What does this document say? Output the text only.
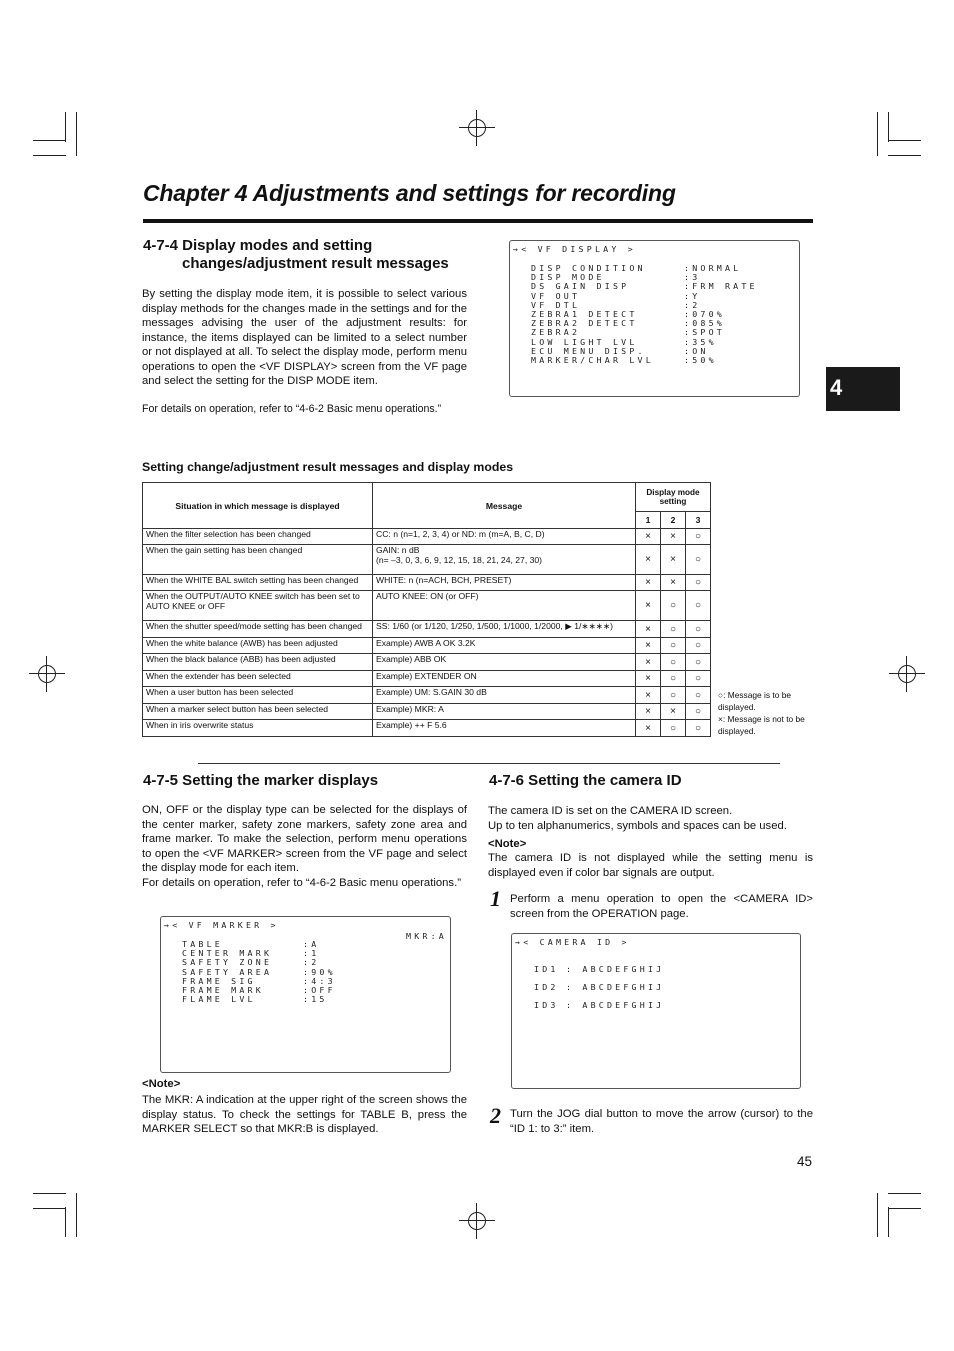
Chapter 4 Adjustments and settings for recording
4
4-7-4 Display modes and setting
changes/adjustment result messages
By setting the display mode item, it is possible to select various display methods for the changes made in the settings and for the messages advising the user of the adjustment results: for instance, the items displayed can be limited to a select number or not displayed at all. To select the display mode, perform menu operations to open the <VF DISPLAY> screen from the VF page and select the setting for the DISP MODE item.
For details on operation, refer to “4-6-2 Basic menu operations.”
→< VF DISPLAY >
DISP CONDITION	:NORMAL
DISP MODE	:3
DS GAIN DISP	:FRM RATE
VF OUT	:Y
VF DTL	:2
ZEBRA1 DETECT	:070%
ZEBRA2 DETECT	:085%
ZEBRA2	:SPOT
LOW LIGHT LVL	:35%
ECU MENU DISP.	:ON
MARKER/CHAR LVL	:50%
Setting change/adjustment result messages and display modes
Situation in which message is displayed	Message	Display mode setting		
		1	2	3
When the filter selection has been changed	CC: n (n=1, 2, 3, 4) or ND: m (m=A, B, C, D)	×	×	○
When the gain setting has been changed	GAIN: n dB
(n= –3, 0, 3, 6, 9, 12, 15, 18, 21, 24, 27, 30)	×	×	○
When the WHITE BAL switch setting has been changed	WHITE: n (n=ACH, BCH, PRESET)	×	×	○
When the OUTPUT/AUTO KNEE switch has been set to AUTO KNEE or OFF	AUTO KNEE: ON (or OFF)	×	○	○
When the shutter speed/mode setting has been changed	SS: 1/60 (or 1/120, 1/250, 1/500, 1/1000, 1/2000, ▶ 1/∗∗∗∗)	×	○	○
When the white balance (AWB) has been adjusted	Example) AWB A OK 3.2K	×	○	○
When the black balance (ABB) has been adjusted	Example) ABB OK	×	○	○
When the extender has been selected	Example) EXTENDER ON	×	○	○
When a user button has been selected	Example) UM: S.GAIN 30 dB	×	○	○
When a marker select button has been selected	Example) MKR: A	×	×	○
When in iris overwrite status	Example) ++ F 5.6	×	○	○
○: Message is to be displayed.
×: Message is not to be displayed.
4-7-5 Setting the marker displays
ON, OFF or the display type can be selected for the displays of the center marker, safety zone markers, safety zone area and frame marker. To make the selection, perform menu operations to open the <VF MARKER> screen from the VF page and select the display mode for each item.
For details on operation, refer to “4-6-2 Basic menu operations.”
→< VF MARKER >
MKR:A
TABLE	:A
CENTER MARK	:1
SAFETY ZONE	:2
SAFETY AREA	:90%
FRAME SIG	:4:3
FRAME MARK	:OFF
FLAME LVL	:15
<Note>
The MKR: A indication at the upper right of the screen shows the display status. To check the settings for TABLE B, press the MARKER SELECT so that MKR:B is displayed.
4-7-6 Setting the camera ID
The camera ID is set on the CAMERA ID screen.
Up to ten alphanumerics, symbols and spaces can be used.
<Note>
The camera ID is not displayed while the setting menu is displayed even if color bar signals are output.
1 Perform a menu operation to open the <CAMERA ID> screen from the OPERATION page.
→< CAMERA ID >
ID1 : ABCDEFGHIJ
ID2 : ABCDEFGHIJ
ID3 : ABCDEFGHIJ
2 Turn the JOG dial button to move the arrow (cursor) to the “ID 1: to 3:” item.
45
